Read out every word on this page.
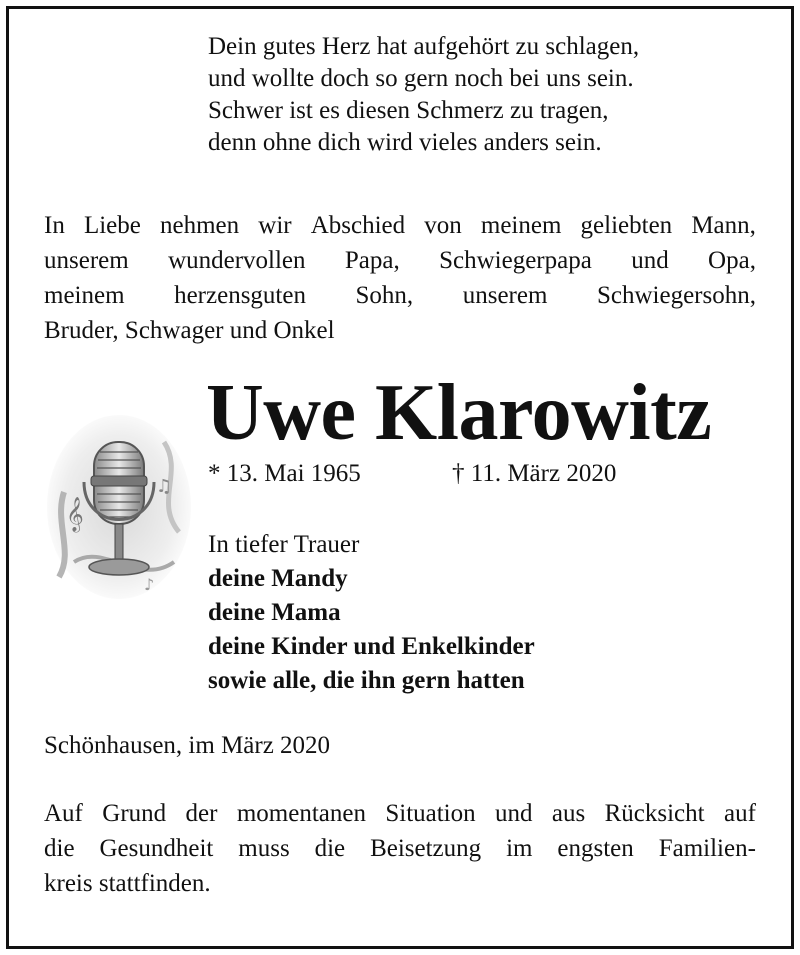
Dein gutes Herz hat aufgehört zu schlagen,
und wollte doch so gern noch bei uns sein.
Schwer ist es diesen Schmerz zu tragen,
denn ohne dich wird vieles anders sein.
In Liebe nehmen wir Abschied von meinem geliebten Mann,
unserem wundervollen Papa, Schwiegerpapa und Opa,
meinem herzensguten Sohn, unserem Schwiegersohn,
Bruder, Schwager und Onkel
𝄞
♫
♪
Uwe Klarowitz
* 13. Mai 1965	† 11. März 2020
In tiefer Trauer
deine Mandy
deine Mama
deine Kinder und Enkelkinder
sowie alle, die ihn gern hatten
Schönhausen, im März 2020
Auf Grund der momentanen Situation und aus Rücksicht auf
die Gesundheit muss die Beisetzung im engsten Familien-
kreis stattfinden.
